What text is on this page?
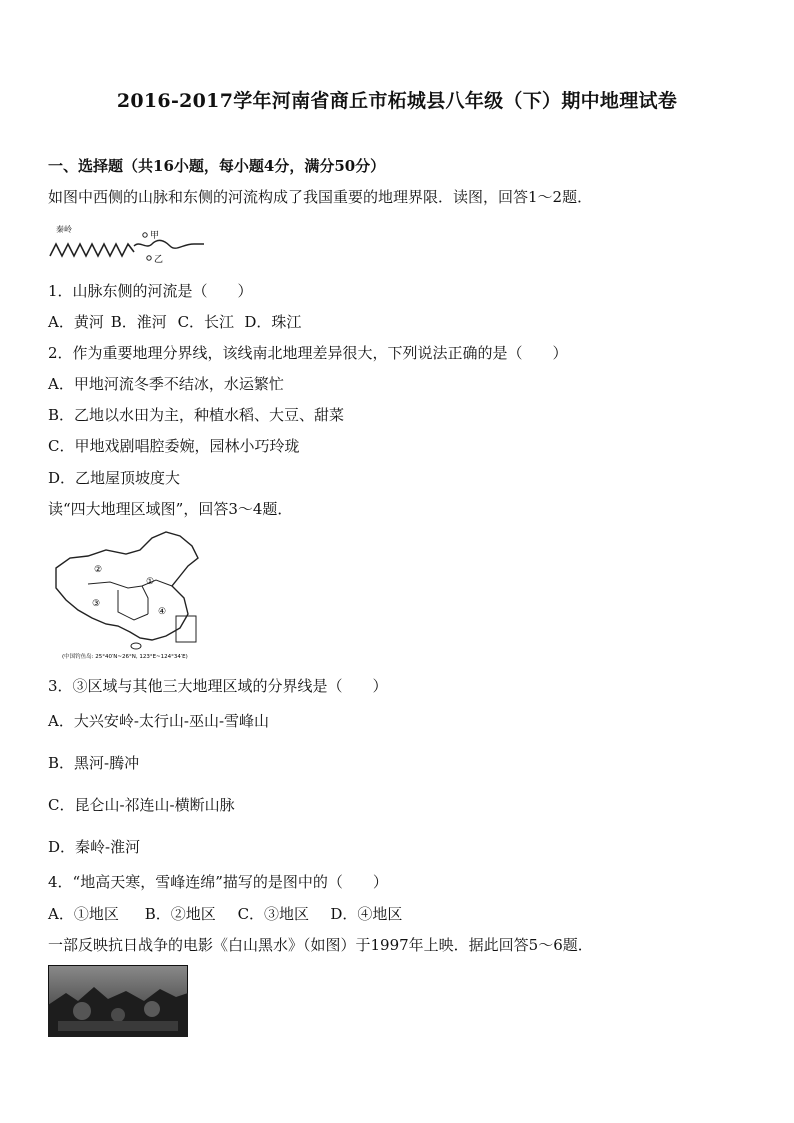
2016-2017学年河南省商丘市柘城县八年级（下）期中地理试卷
一、选择题（共16小题，每小题4分，满分50分）
如图中西侧的山脉和东侧的河流构成了我国重要的地理界限．读图，回答1～2题．
秦岭
甲
乙
1．山脉东侧的河流是（　　）
A．黄河 B．淮河 C．长江 D．珠江
2．作为重要地理分界线，该线南北地理差异很大，下列说法正确的是（　　）
A．甲地河流冬季不结冰，水运繁忙
B．乙地以水田为主，种植水稻、大豆、甜菜
C．甲地戏剧唱腔委婉，园林小巧玲珑
D．乙地屋顶坡度大
读“四大地理区域图”，回答3～4题．
②
①
③
④
(中国钓鱼岛: 25°40′N~26°N, 123°E~124°34′E)
3．③区域与其他三大地理区域的分界线是（　　）
A．大兴安岭-太行山-巫山-雪峰山
B．黑河-腾冲
C．昆仑山-祁连山-横断山脉
D．秦岭-淮河
4．“地高天寒，雪峰连绵”描写的是图中的（　　）
A．①地区 B．②地区 C．③地区 D．④地区
一部反映抗日战争的电影《白山黑水》（如图）于1997年上映．据此回答5～6题．
